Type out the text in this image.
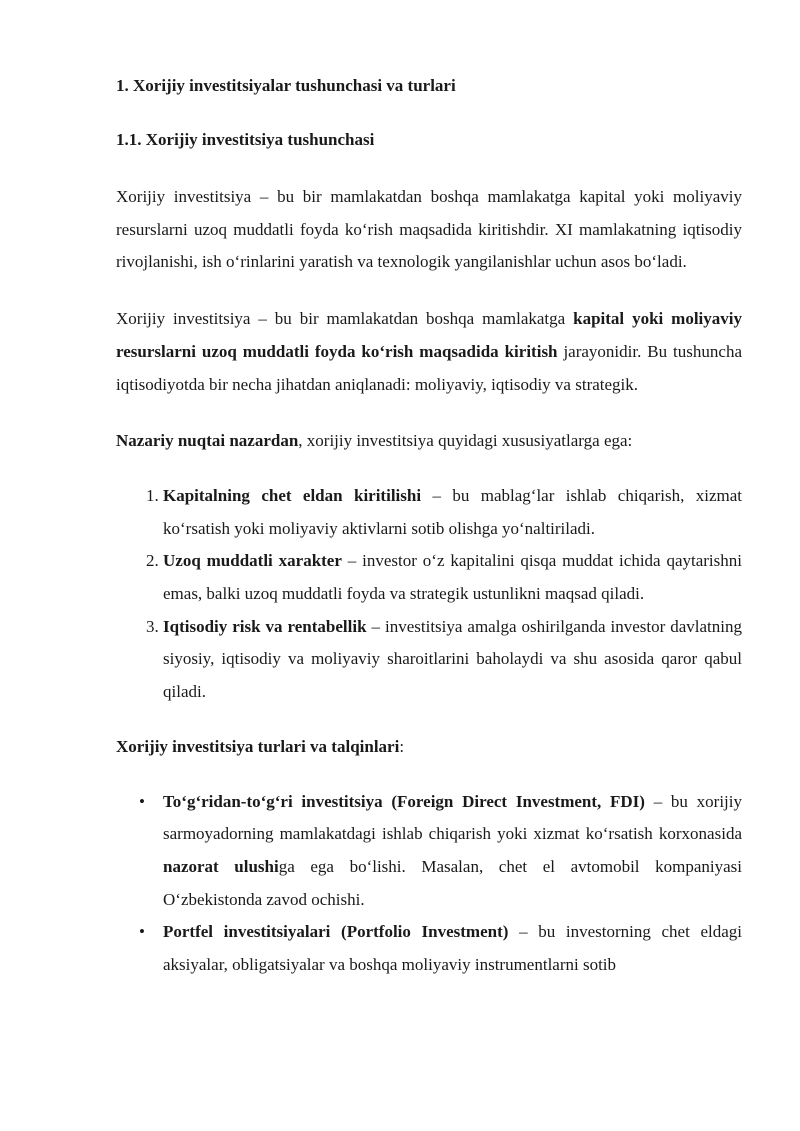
1. Xorijiy investitsiyalar tushunchasi va turlari

1.1. Xorijiy investitsiya tushunchasi

Xorijiy investitsiya – bu bir mamlakatdan boshqa mamlakatga kapital yoki moliyaviy resurslarni uzoq muddatli foyda ko‘rish maqsadida kiritishdir. XI mamlakatning iqtisodiy rivojlanishi, ish o‘rinlarini yaratish va texnologik yangilanishlar uchun asos bo‘ladi.

Xorijiy investitsiya – bu bir mamlakatdan boshqa mamlakatga kapital yoki moliyaviy resurslarni uzoq muddatli foyda ko‘rish maqsadida kiritish jarayonidir. Bu tushuncha iqtisodiyotda bir necha jihatdan aniqlanadi: moliyaviy, iqtisodiy va strategik.

Nazariy nuqtai nazardan, xorijiy investitsiya quyidagi xususiyatlarga ega:

1. Kapitalning chet eldan kiritilishi – bu mablag‘lar ishlab chiqarish, xizmat ko‘rsatish yoki moliyaviy aktivlarni sotib olishga yo‘naltiriladi.
2. Uzoq muddatli xarakter – investor o‘z kapitalini qisqa muddat ichida qaytarishni emas, balki uzoq muddatli foyda va strategik ustunlikni maqsad qiladi.
3. Iqtisodiy risk va rentabellik – investitsiya amalga oshirilganda investor davlatning siyosiy, iqtisodiy va moliyaviy sharoitlarini baholaydi va shu asosida qaror qabul qiladi.

Xorijiy investitsiya turlari va talqinlari:

• To‘g‘ridan-to‘g‘ri investitsiya (Foreign Direct Investment, FDI) – bu xorijiy sarmoyadorning mamlakatdagi ishlab chiqarish yoki xizmat ko‘rsatish korxonasida nazorat ulushiga ega bo‘lishi. Masalan, chet el avtomobil kompaniyasi O‘zbekistonda zavod ochishi.
• Portfel investitsiyalari (Portfolio Investment) – bu investorning chet eldagi aksiyalar, obligatsiyalar va boshqa moliyaviy instrumentlarni sotib
